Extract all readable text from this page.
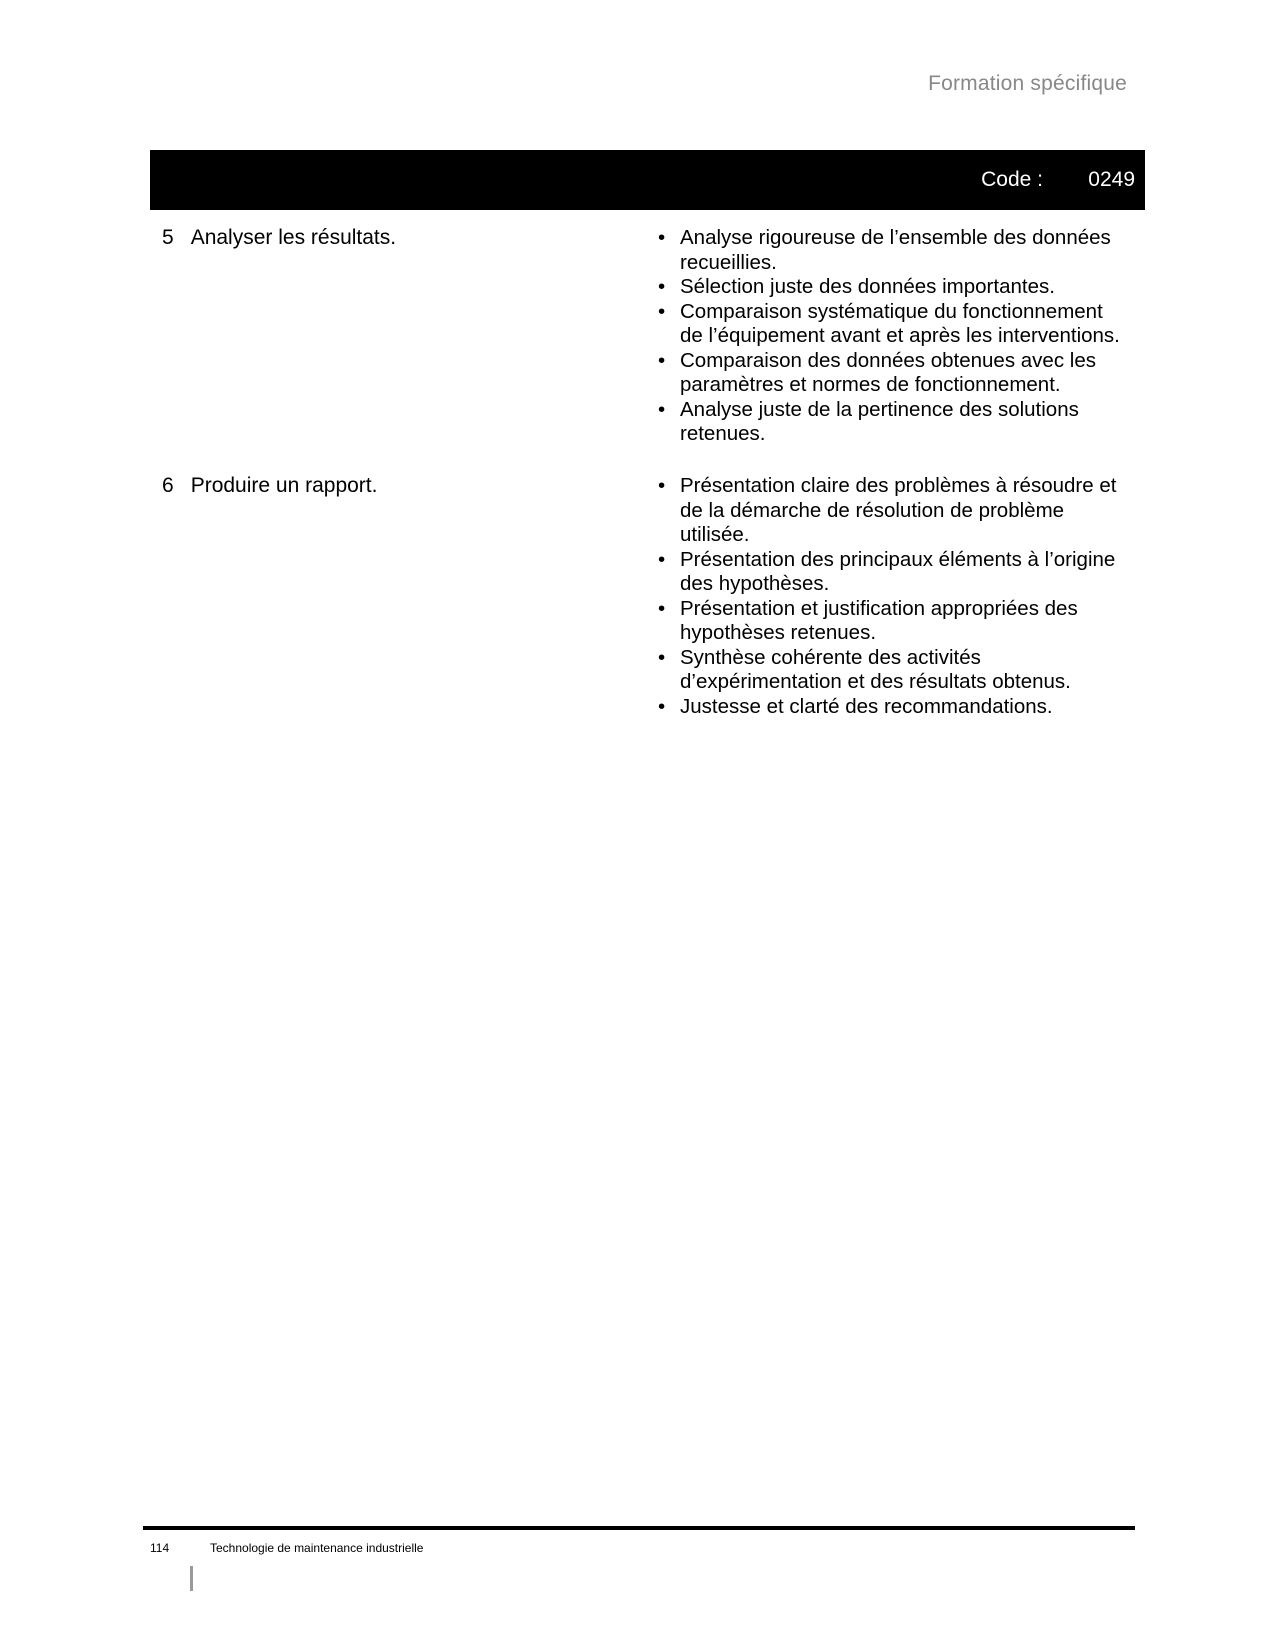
Formation spécifique
Code : 0249
5 Analyser les résultats.	• Analyse rigoureuse de l’ensemble des données recueillies.
• Sélection juste des données importantes.
• Comparaison systématique du fonctionnement de l’équipement avant et après les interventions.
• Comparaison des données obtenues avec les paramètres et normes de fonctionnement.
• Analyse juste de la pertinence des solutions retenues.
6 Produire un rapport.	• Présentation claire des problèmes à résoudre et de la démarche de résolution de problème utilisée.
• Présentation des principaux éléments à l’origine des hypothèses.
• Présentation et justification appropriées des hypothèses retenues.
• Synthèse cohérente des activités d’expérimentation et des résultats obtenus.
• Justesse et clarté des recommandations.
114	Technologie de maintenance industrielle
